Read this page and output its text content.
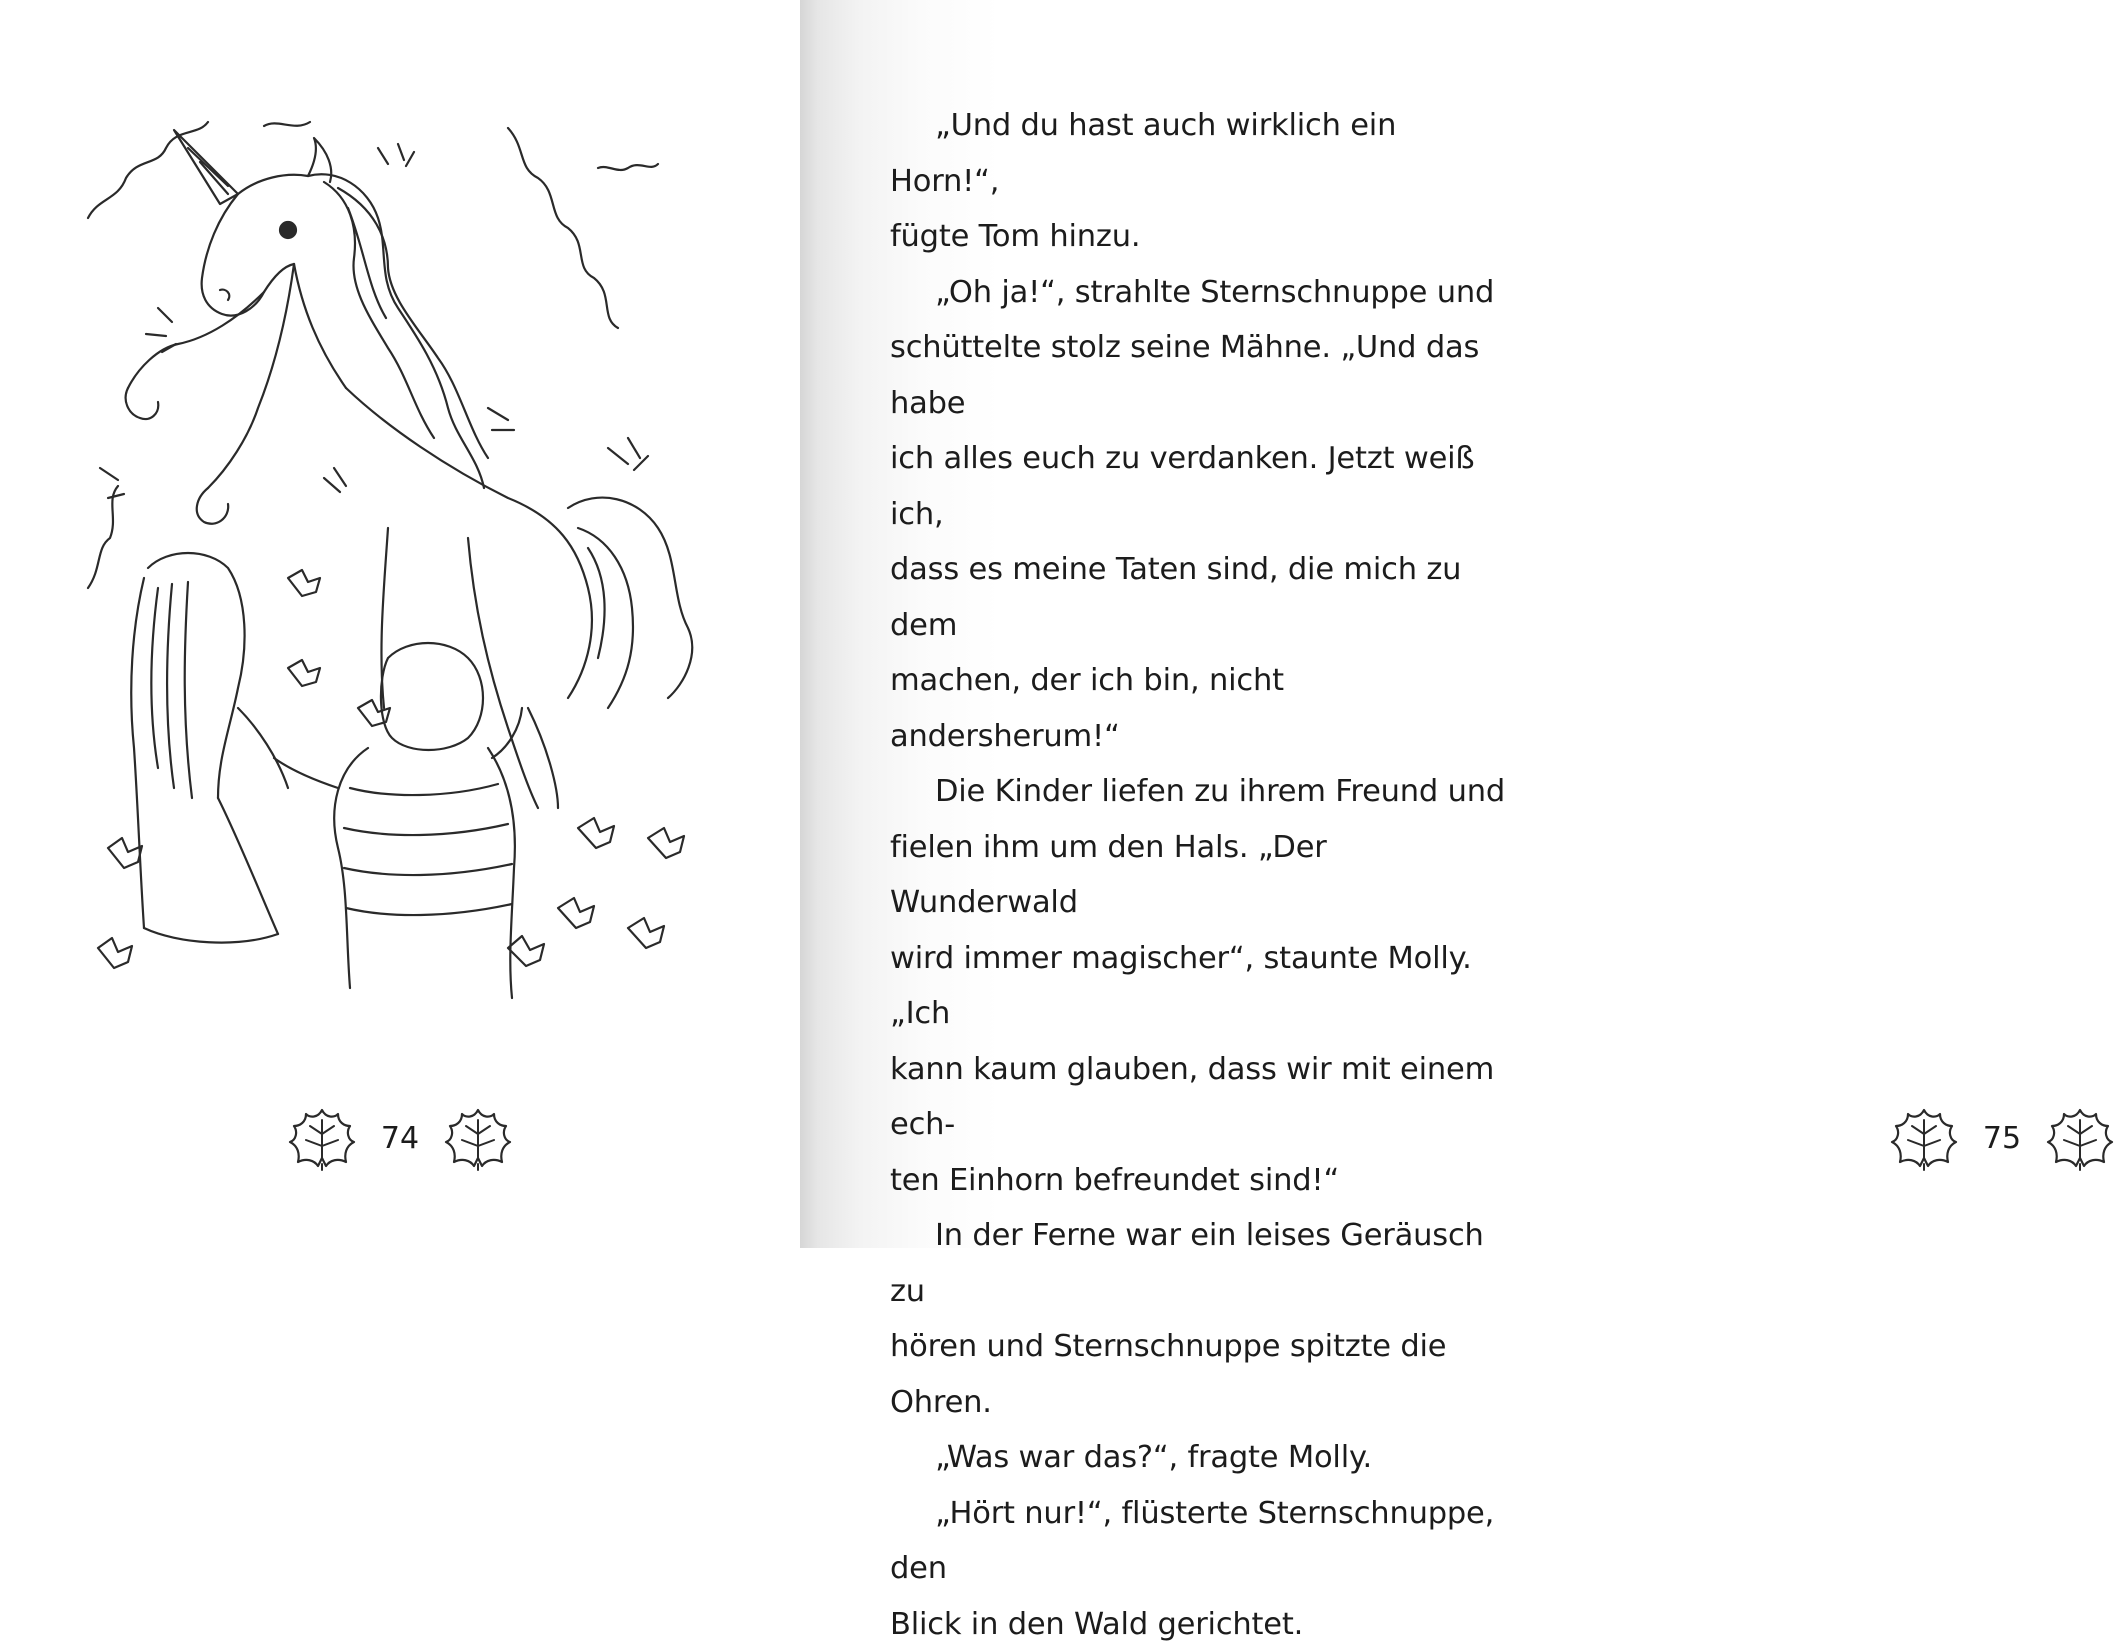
74

„Und du hast auch wirklich ein Horn!“,

fügte Tom hinzu.

„Oh ja!“, strahlte Sternschnuppe und

schüttelte stolz seine Mähne. „Und das habe

ich alles euch zu verdanken. Jetzt weiß ich,

dass es meine Taten sind, die mich zu dem

machen, der ich bin, nicht andersherum!“

Die Kinder liefen zu ihrem Freund und

fielen ihm um den Hals. „Der Wunderwald

wird immer magischer“, staunte Molly. „Ich

kann kaum glauben, dass wir mit einem ech-

ten Einhorn befreundet sind!“

In der Ferne war ein leises Geräusch zu

hören und Sternschnuppe spitzte die Ohren.

„Was war das?“, fragte Molly.

„Hört nur!“, flüsterte Sternschnuppe, den

Blick in den Wald gerichtet.

75
